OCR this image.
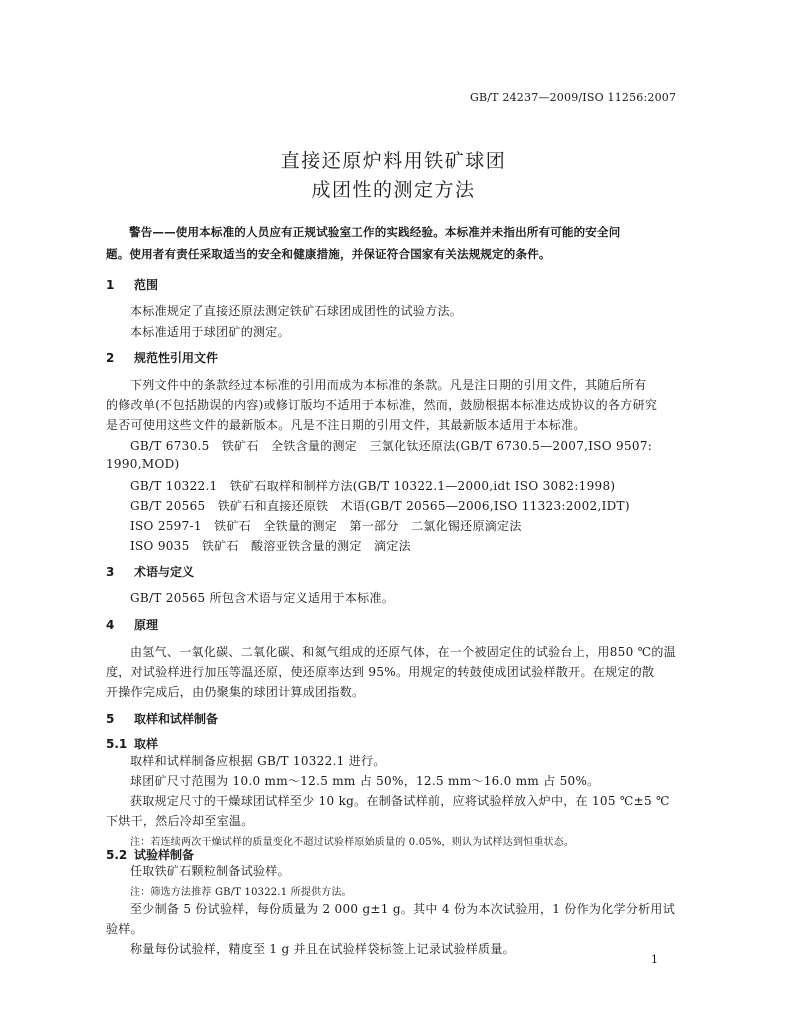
GB/T 24237—2009/ISO 11256:2007
直接还原炉料用铁矿球团
成团性的测定方法
警告——使用本标准的人员应有正规试验室工作的实践经验。本标准并未指出所有可能的安全问
题。使用者有责任采取适当的安全和健康措施，并保证符合国家有关法规规定的条件。
1 范围
本标准规定了直接还原法测定铁矿石球团成团性的试验方法。
本标准适用于球团矿的测定。
2 规范性引用文件
下列文件中的条款经过本标准的引用而成为本标准的条款。凡是注日期的引用文件，其随后所有
的修改单(不包括勘误的内容)或修订版均不适用于本标准，然而，鼓励根据本标准达成协议的各方研究
是否可使用这些文件的最新版本。凡是不注日期的引用文件，其最新版本适用于本标准。
GB/T 6730.5　铁矿石　全铁含量的测定　三氯化钛还原法(GB/T 6730.5—2007,ISO 9507:
1990,MOD)
GB/T 10322.1　铁矿石取样和制样方法(GB/T 10322.1—2000,idt ISO 3082:1998)
GB/T 20565　铁矿石和直接还原铁　术语(GB/T 20565—2006,ISO 11323:2002,IDT)
ISO 2597-1　铁矿石　全铁量的测定　第一部分　二氯化锡还原滴定法
ISO 9035　铁矿石　酸溶亚铁含量的测定　滴定法
3 术语与定义
GB/T 20565 所包含术语与定义适用于本标准。
4 原理
由氢气、一氧化碳、二氧化碳、和氮气组成的还原气体，在一个被固定住的试验台上，用850 ℃的温
度，对试验样进行加压等温还原，使还原率达到 95%。用规定的转鼓使成团试验样散开。在规定的散
开操作完成后，由仍聚集的球团计算成团指数。
5 取样和试样制备
5.1 取样
取样和试样制备应根据 GB/T 10322.1 进行。
球团矿尺寸范围为 10.0 mm～12.5 mm 占 50%，12.5 mm～16.0 mm 占 50%。
获取规定尺寸的干燥球团试样至少 10 kg。在制备试样前，应将试验样放入炉中，在 105 ℃±5 ℃
下烘干，然后冷却至室温。
注：若连续两次干燥试样的质量变化不超过试验样原始质量的 0.05%，则认为试样达到恒重状态。
5.2 试验样制备
任取铁矿石颗粒制备试验样。
注：筛选方法推荐 GB/T 10322.1 所提供方法。
至少制备 5 份试验样，每份质量为 2 000 g±1 g。其中 4 份为本次试验用，1 份作为化学分析用试
验样。
称量每份试验样，精度至 1 g 并且在试验样袋标签上记录试验样质量。
1
